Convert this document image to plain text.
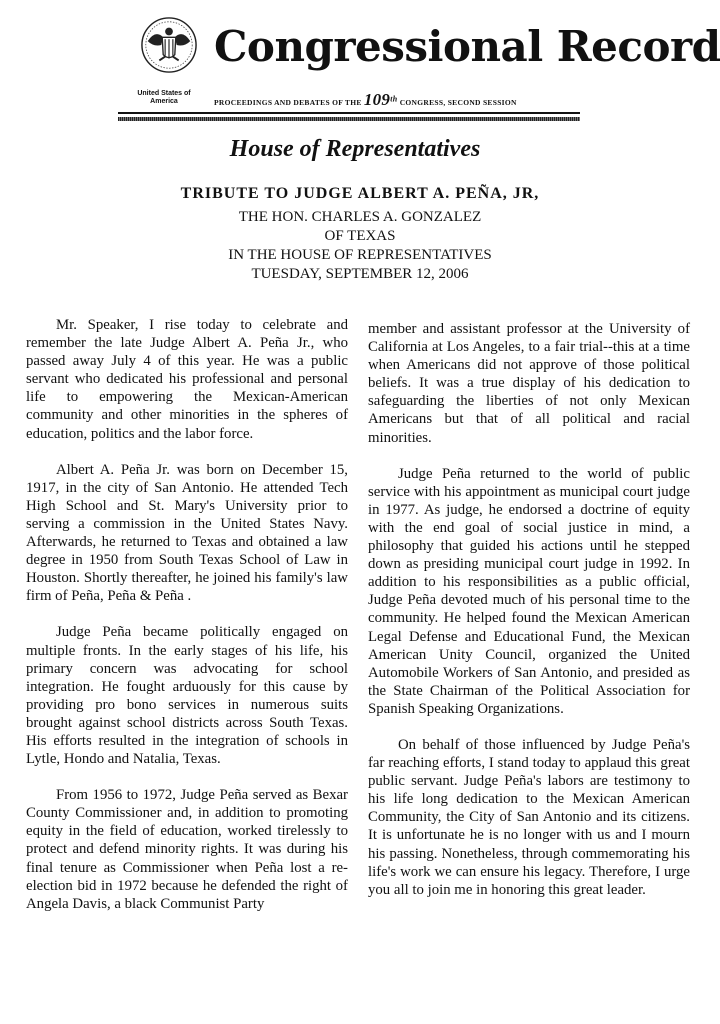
United States of America
Congressional Record
PROCEEDINGS AND DEBATES OF THE 109th CONGRESS, SECOND SESSION
House of Representatives
TRIBUTE TO JUDGE ALBERT A. PEÑA, JR,
THE HON. CHARLES A. GONZALEZ
OF TEXAS
IN THE HOUSE OF REPRESENTATIVES
TUESDAY, SEPTEMBER 12, 2006

Mr. Speaker, I rise today to celebrate and remember the late Judge Albert A. Peña Jr., who passed away July 4 of this year. He was a public servant who dedicated his professional and personal life to empowering the Mexican-American community and other minorities in the spheres of education, politics and the labor force.

Albert A. Peña Jr. was born on December 15, 1917, in the city of San Antonio. He attended Tech High School and St. Mary's University prior to serving a commission in the United States Navy. Afterwards, he returned to Texas and obtained a law degree in 1950 from South Texas School of Law in Houston. Shortly thereafter, he joined his family's law firm of Peña, Peña & Peña .

Judge Peña became politically engaged on multiple fronts. In the early stages of his life, his primary concern was advocating for school integration. He fought arduously for this cause by providing pro bono services in numerous suits brought against school districts across South Texas. His efforts resulted in the integration of schools in Lytle, Hondo and Natalia, Texas.

From 1956 to 1972, Judge Peña served as Bexar County Commissioner and, in addition to promoting equity in the field of education, worked tirelessly to protect and defend minority rights. It was during his final tenure as Commissioner when Peña lost a re-election bid in 1972 because he defended the right of Angela Davis, a black Communist Party

member and assistant professor at the University of California at Los Angeles, to a fair trial--this at a time when Americans did not approve of those political beliefs. It was a true display of his dedication to safeguarding the liberties of not only Mexican Americans but that of all political and racial minorities.

Judge Peña returned to the world of public service with his appointment as municipal court judge in 1977. As judge, he endorsed a doctrine of equity with the end goal of social justice in mind, a philosophy that guided his actions until he stepped down as presiding municipal court judge in 1992. In addition to his responsibilities as a public official, Judge Peña devoted much of his personal time to the community. He helped found the Mexican American Legal Defense and Educational Fund, the Mexican American Unity Council, organized the United Automobile Workers of San Antonio, and presided as the State Chairman of the Political Association for Spanish Speaking Organizations.

On behalf of those influenced by Judge Peña's far reaching efforts, I stand today to applaud this great public servant. Judge Peña's labors are testimony to his life long dedication to the Mexican American Community, the City of San Antonio and its citizens. It is unfortunate he is no longer with us and I mourn his passing. Nonetheless, through commemorating his life's work we can ensure his legacy. Therefore, I urge you all to join me in honoring this great leader.
